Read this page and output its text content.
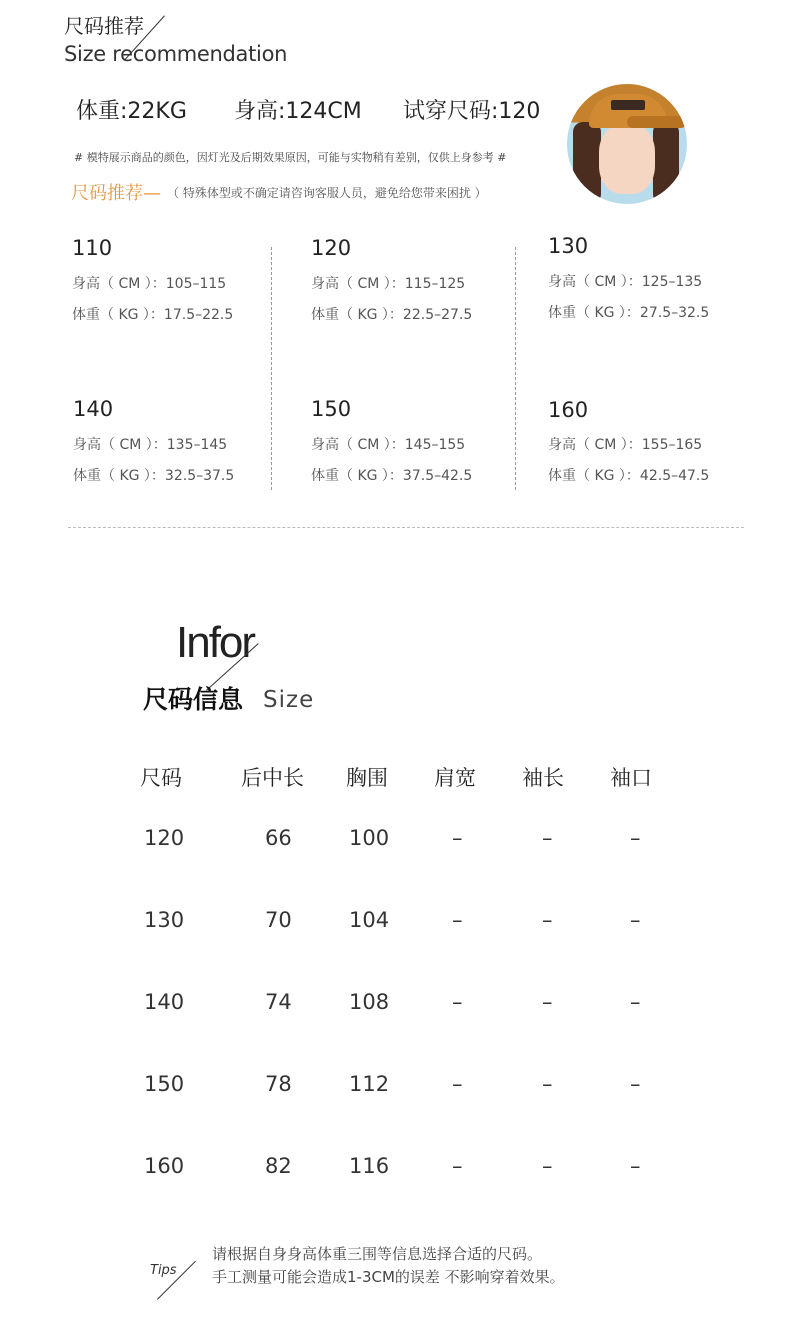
尺码推荐
Size recommendation
体重:22KG 身高:124CM 试穿尺码:120
# 模特展示商品的颜色，因灯光及后期效果原因，可能与实物稍有差别，仅供上身参考 #
尺码推荐— （ 特殊体型或不确定请咨询客服人员，避免给您带来困扰 ）
110
身高（ CM ）：105–115
体重（ KG ）：17.5–22.5
120
身高（ CM ）：115–125
体重（ KG ）：22.5–27.5
130
身高（ CM ）：125–135
体重（ KG ）：27.5–32.5
140
身高（ CM ）：135–145
体重（ KG ）：32.5–37.5
150
身高（ CM ）：145–155
体重（ KG ）：37.5–42.5
160
身高（ CM ）：155–165
体重（ KG ）：42.5–47.5
Infor
尺码信息 Size
尺码	后中长 胸围 肩宽 袖长 袖口
120	66	100	–	–	–
130	70	104	–	–	–
140	74	108	–	–	–
150	78	112	–	–	–
160	82	116	–	–	–
Tips
请根据自身身高体重三围等信息选择合适的尺码。
手工测量可能会造成1-3CM的误差 不影响穿着效果。
